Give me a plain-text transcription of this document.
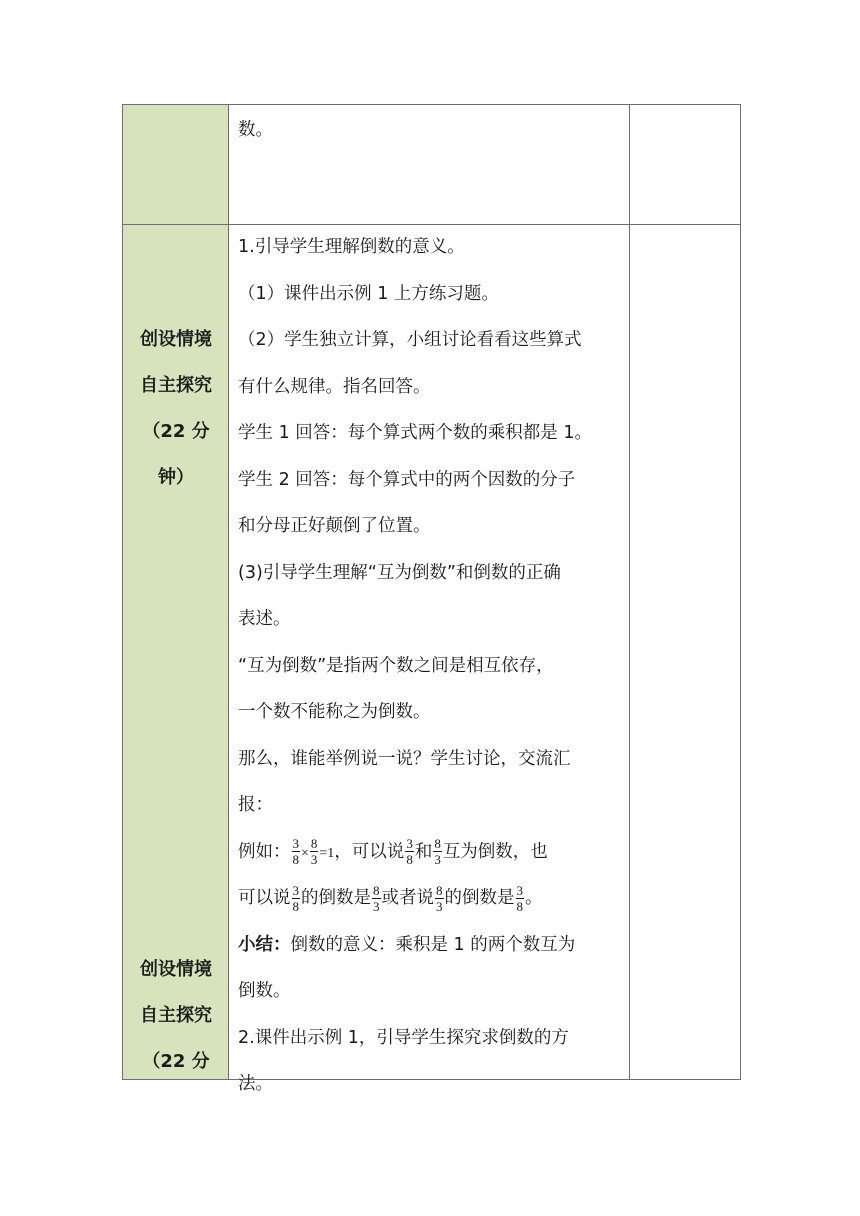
数。
创设情境
自主探究
（22 分
钟）
创设情境
自主探究
（22 分
1.引导学生理解倒数的意义。
（1）课件出示例 1 上方练习题。
（2）学生独立计算，小组讨论看看这些算式
有什么规律。指名回答。
学生 1 回答：每个算式两个数的乘积都是 1。
学生 2 回答：每个算式中的两个因数的分子
和分母正好颠倒了位置。
(3)引导学生理解“互为倒数”和倒数的正确
表述。
“互为倒数”是指两个数之间是相互依存，
一个数不能称之为倒数。
那么，谁能举例说一说？学生讨论，交流汇
报：
例如： $\frac{3}{8} \times \frac{8}{3} =1$，可以说 $\frac{3}{8}$ 和 $\frac{8}{3}$ 互为倒数，也
可以说 $\frac{3}{8}$ 的倒数是 $\frac{8}{3}$ 或者说 $\frac{8}{3}$ 的倒数是 $\frac{3}{8}$ 。
小结：倒数的意义：乘积是 1 的两个数互为
倒数。
2.课件出示例 1，引导学生探究求倒数的方
法。
